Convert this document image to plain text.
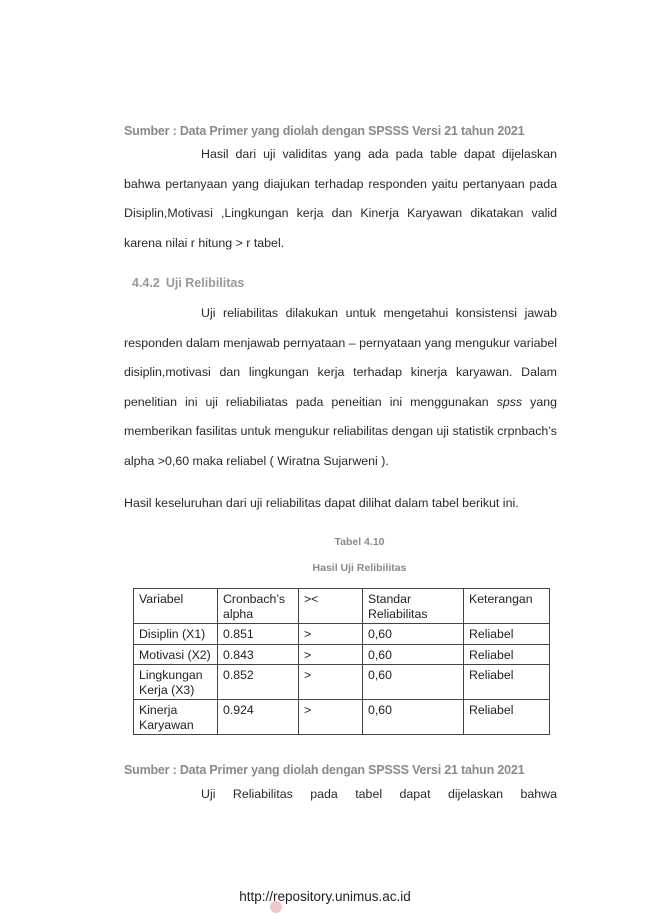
Sumber : Data Primer yang diolah dengan SPSSS Versi 21 tahun 2021

Hasil dari uji validitas yang ada pada table dapat dijelaskan bahwa pertanyaan yang diajukan terhadap responden yaitu pertanyaan pada Disiplin,Motivasi ,Lingkungan kerja dan Kinerja Karyawan dikatakan valid karena nilai r hitung > r tabel.

4.4.2 Uji Relibilitas

Uji reliabilitas dilakukan untuk mengetahui konsistensi jawab responden dalam menjawab pernyataan – pernyataan yang mengukur variabel disiplin,motivasi dan lingkungan kerja terhadap kinerja karyawan. Dalam penelitian ini uji reliabiliatas pada peneitian ini menggunakan spss yang memberikan fasilitas untuk mengukur reliabilitas dengan uji statistik crpnbach’s alpha >0,60 maka reliabel ( Wiratna Sujarweni ).

Hasil keseluruhan dari uji reliabilitas dapat dilihat dalam tabel berikut ini.
Tabel 4.10
Hasil Uji Relibilitas
Variabel	Cronbach’s alpha	><	Standar Reliabilitas	Keterangan
Disiplin (X1)	0.851	>	0,60	Reliabel
Motivasi (X2)	0.843	>	0,60	Reliabel
Lingkungan Kerja (X3)	0.852	>	0,60	Reliabel
Kinerja Karyawan	0.924	>	0,60	Reliabel
Sumber : Data Primer yang diolah dengan SPSSS Versi 21 tahun 2021

Uji Reliabilitas pada tabel dapat dijelaskan bahwa

http://repository.unimus.ac.id
